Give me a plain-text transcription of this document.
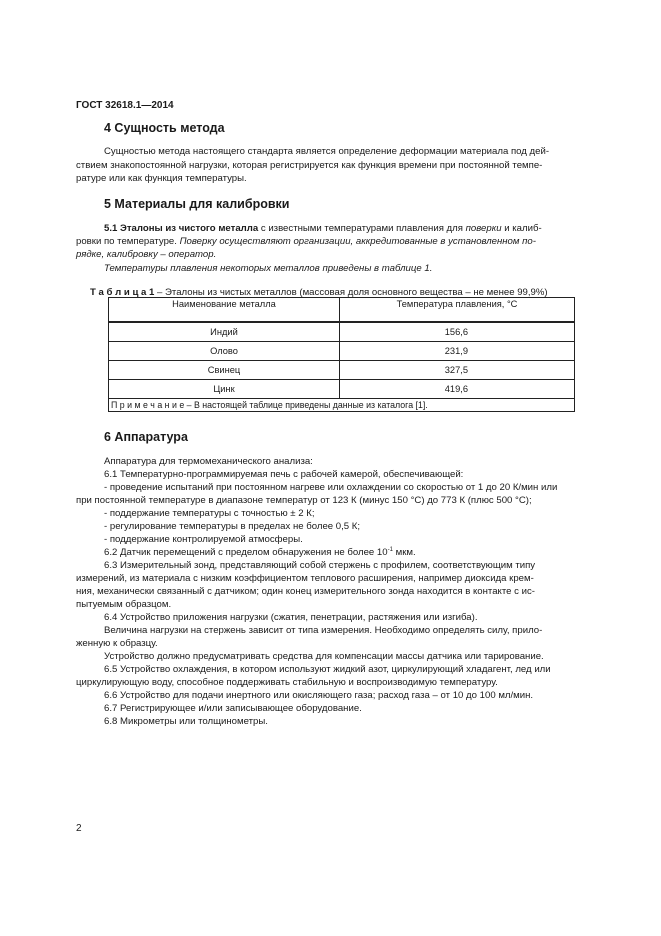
ГОСТ 32618.1—2014
4 Сущность метода
Сущностью метода настоящего стандарта является определение деформации материала под дей-
ствием знакопостоянной нагрузки, которая регистрируется как функция времени при постоянной темпе-
ратуре или как функция температуры.
5 Материалы для калибровки
5.1 Эталоны из чистого металла с известными температурами плавления для поверки и калиб-
ровки по температуре. Поверку осуществляют организации, аккредитованные в установленном по-
рядке, калибровку – оператор.
Температуры плавления некоторых металлов приведены в таблице 1.
Т а б л и ц а 1 – Эталоны из чистых металлов (массовая доля основного вещества – не менее 99,9%)
Наименование металла	Температура плавления, °С
Индий	156,6
Олово	231,9
Свинец	327,5
Цинк	419,6
П р и м е ч а н и е – В настоящей таблице приведены данные из каталога [1].	
6 Аппаратура
Аппаратура для термомеханического анализа:
6.1 Температурно-программируемая печь с рабочей камерой, обеспечивающей:
- проведение испытаний при постоянном нагреве или охлаждении со скоростью от 1 до 20 К/мин или
при постоянной температуре в диапазоне температур от 123 К (минус 150 °С) до 773 К (плюс 500 °С);
- поддержание температуры с точностью ± 2 К;
- регулирование температуры в пределах не более 0,5 К;
- поддержание контролируемой атмосферы.
6.2 Датчик перемещений с пределом обнаружения не более $10^{-1}$ мкм.
6.3 Измерительный зонд, представляющий собой стержень с профилем, соответствующим типу
измерений, из материала с низким коэффициентом теплового расширения, например диоксида крем-
ния, механически связанный с датчиком; один конец измерительного зонда находится в контакте с ис-
пытуемым образцом.
6.4 Устройство приложения нагрузки (сжатия, пенетрации, растяжения или изгиба).
Величина нагрузки на стержень зависит от типа измерения. Необходимо определять силу, прило-
женную к образцу.
Устройство должно предусматривать средства для компенсации массы датчика или тарирование.
6.5 Устройство охлаждения, в котором используют жидкий азот, циркулирующий хладагент, лед или
циркулирующую воду, способное поддерживать стабильную и воспроизводимую температуру.
6.6 Устройство для подачи инертного или окисляющего газа; расход газа – от 10 до 100 мл/мин.
6.7 Регистрирующее и/или записывающее оборудование.
6.8 Микрометры или толщинометры.
2
